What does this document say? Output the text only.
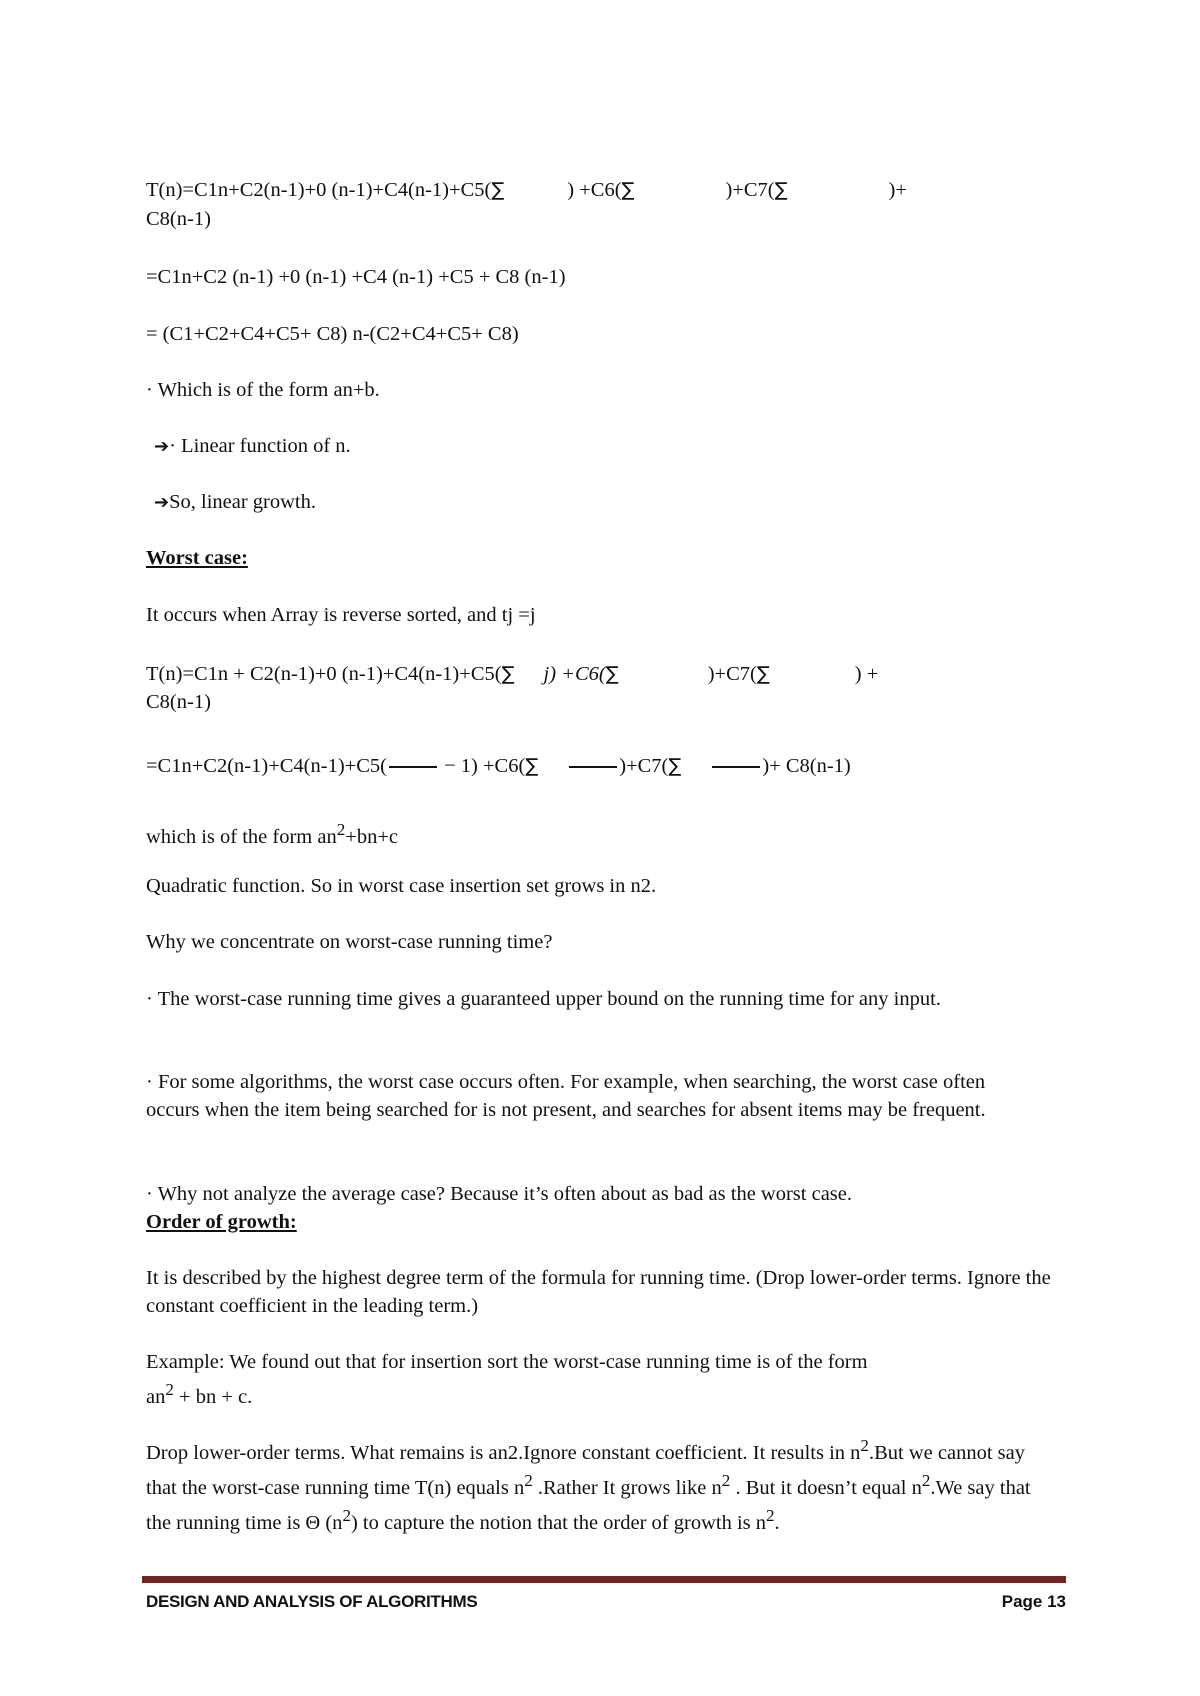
T(n)=C1n+C2(n-1)+0 (n-1)+C4(n-1)+C5(∑	) +C6(∑	)+C7(∑	)+
C8(n-1)
=C1n+C2 (n-1) +0 (n-1) +C4 (n-1) +C5 + C8 (n-1)
= (C1+C2+C4+C5+ C8) n-(C2+C4+C5+ C8)
· Which is of the form an+b.
➔· Linear function of n.
➔So, linear growth.
Worst case:
It occurs when Array is reverse sorted, and tj =j
T(n)=C1n + C2(n-1)+0 (n-1)+C4(n-1)+C5(∑ j) +C6(∑	)+C7(∑	) +
C8(n-1)
=C1n+C2(n-1)+C4(n-1)+C5(	− 1) +C6(∑	)+C7(∑	)+ C8(n-1)
which is of the form $an^2+bn+c$
Quadratic function. So in worst case insertion set grows in n2.
Why we concentrate on worst-case running time?
· The worst-case running time gives a guaranteed upper bound on the running time for any input.
· For some algorithms, the worst case occurs often. For example, when searching, the worst case often occurs when the item being searched for is not present, and searches for absent items may be frequent.
· Why not analyze the average case? Because it’s often about as bad as the worst case.
Order of growth:
It is described by the highest degree term of the formula for running time. (Drop lower-order terms. Ignore the constant coefficient in the leading term.)
Example: We found out that for insertion sort the worst-case running time is of the form
$an^2$ + bn + c.
Drop lower-order terms. What remains is an2.Ignore constant coefficient. It results in $n^2.But$ we cannot say that the worst-case running time T(n) equals $n^2$ .Rather It grows like $n^2$ . But it doesn’t equal $n^2.We$ say that the running time is Θ $(n^2)$ to capture the notion that the order of growth is $n^2$.
DESIGN AND ANALYSIS OF ALGORITHMS	Page 13
